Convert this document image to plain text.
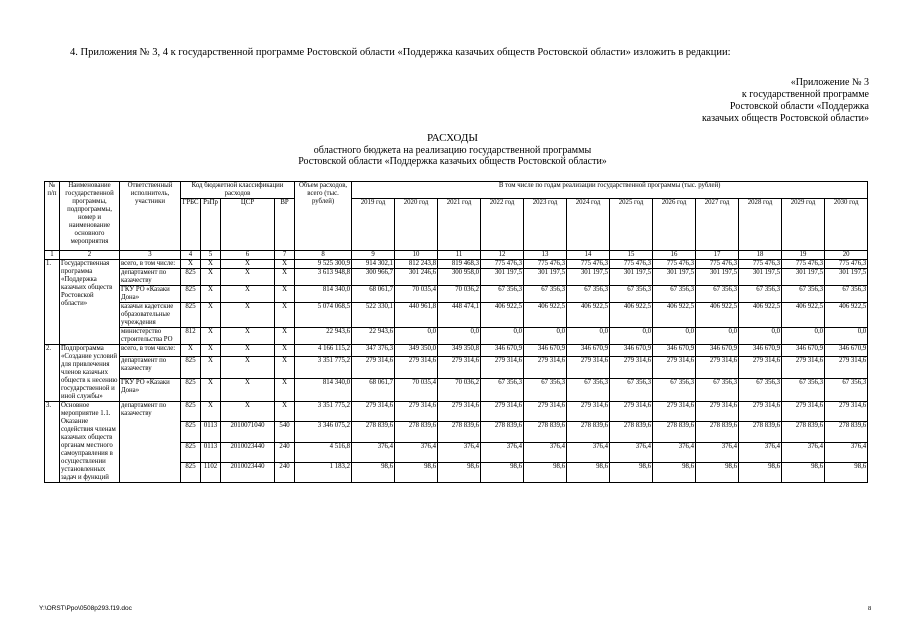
4. Приложения № 3, 4 к государственной программе Ростовской области «Поддержка казачьих обществ Ростовской области» изложить в редакции:
«Приложение № 3
к государственной программе
Ростовской области «Поддержка
казачьих обществ Ростовской области»
РАСХОДЫ
областного бюджета на реализацию государственной программы
Ростовской области «Поддержка казачьих обществ Ростовской области»
№ п/п	Наименование государственной программы, подпрограммы, номер и наименование основного мероприятия	Ответственный исполнитель, участники	Код бюджетной классификации расходов				Объем расходов, всего (тыс. рублей)	В том числе по годам реализации государственной программы (тыс. рублей)											
			ГРБС	РзПр	ЦСР	ВР		2019 год	2020 год	2021 год	2022 год	2023 год	2024 год	2025 год	2026 год	2027 год	2028 год	2029 год	2030 год
1	2	3	4	5	6	7	8	9	10	11	12	13	14	15	16	17	18	19	20
1.	Государственная программа «Поддержка казачьих обществ Ростовской области»	всего, в том числе:	Х	Х	Х	Х	9 525 300,9	914 302,1	812 243,8	819 468,3	775 476,3	775 476,3	775 476,3	775 476,3	775 476,3	775 476,3	775 476,3	775 476,3	775 476,3
		департамент по казачеству	825	Х	Х	Х	3 613 948,8	300 966,7	301 246,6	300 958,0	301 197,5	301 197,5	301 197,5	301 197,5	301 197,5	301 197,5	301 197,5	301 197,5	301 197,5
		ГКУ РО «Казаки Дона»	825	Х	Х	Х	814 340,0	68 061,7	70 035,4	70 036,2	67 356,3	67 356,3	67 356,3	67 356,3	67 356,3	67 356,3	67 356,3	67 356,3	67 356,3
		казачьи кадетские образовательные учреждения	825	Х	Х	Х	5 074 068,5	522 330,1	440 961,8	448 474,1	406 922,5	406 922,5	406 922,5	406 922,5	406 922,5	406 922,5	406 922,5	406 922,5	406 922,5
		министерство строительства РО	812	Х	Х	Х	22 943,6	22 943,6	0,0	0,0	0,0	0,0	0,0	0,0	0,0	0,0	0,0	0,0	0,0
2.	Подпрограмма «Создание условий для привлечения членов казачьих обществ к несению государственной и иной службы»	всего, в том числе:	Х	Х	Х	Х	4 166 115,2	347 376,3	349 350,0	349 350,8	346 670,9	346 670,9	346 670,9	346 670,9	346 670,9	346 670,9	346 670,9	346 670,9	346 670,9
		департамент по казачеству	825	Х	Х	Х	3 351 775,2	279 314,6	279 314,6	279 314,6	279 314,6	279 314,6	279 314,6	279 314,6	279 314,6	279 314,6	279 314,6	279 314,6	279 314,6
		ГКУ РО «Казаки Дона»	825	Х	Х	Х	814 340,0	68 061,7	70 035,4	70 036,2	67 356,3	67 356,3	67 356,3	67 356,3	67 356,3	67 356,3	67 356,3	67 356,3	67 356,3
3.	Основное мероприятие 1.1. Оказание содействия членам казачьих обществ органам местного самоуправления в осуществлении установленных задач и функций	департамент по казачеству	825	Х	Х	Х	3 351 775,2	279 314,6	279 314,6	279 314,6	279 314,6	279 314,6	279 314,6	279 314,6	279 314,6	279 314,6	279 314,6	279 314,6	279 314,6
			825	0113	2010071040	540	3 346 075,2	278 839,6	278 839,6	278 839,6	278 839,6	278 839,6	278 839,6	278 839,6	278 839,6	278 839,6	278 839,6	278 839,6	278 839,6
			825	0113	2010023440	240	4 516,8	376,4	376,4	376,4	376,4	376,4	376,4	376,4	376,4	376,4	376,4	376,4	376,4
			825	1102	2010023440	240	1 183,2	98,6	98,6	98,6	98,6	98,6	98,6	98,6	98,6	98,6	98,6	98,6	98,6
Y:\ORST\Ppo\0508p293.f19.doc	8
